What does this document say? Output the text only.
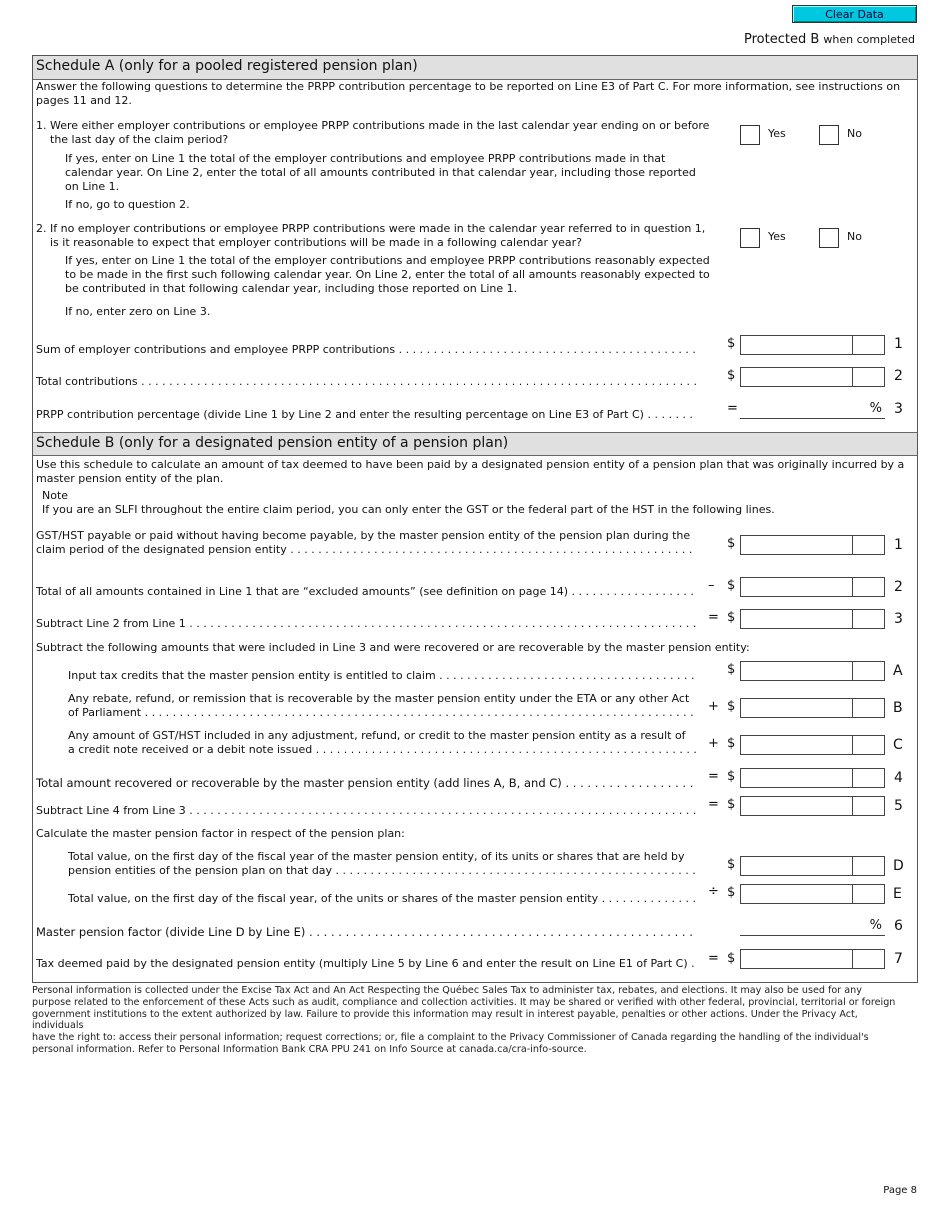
Clear Data
Protected B when completed
Schedule A (only for a pooled registered pension plan)
Answer the following questions to determine the PRPP contribution percentage to be reported on Line E3 of Part C. For more information, see instructions on
pages 11 and 12.
1. Were either employer contributions or employee PRPP contributions made in the last calendar year ending on or before
the last day of the claim period?	Yes	No
If yes, enter on Line 1 the total of the employer contributions and employee PRPP contributions made in that
calendar year. On Line 2, enter the total of all amounts contributed in that calendar year, including those reported
on Line 1.
If no, go to question 2.
2. If no employer contributions or employee PRPP contributions were made in the calendar year referred to in question 1,
is it reasonable to expect that employer contributions will be made in a following calendar year?	Yes	No
If yes, enter on Line 1 the total of the employer contributions and employee PRPP contributions reasonably expected
to be made in the first such following calendar year. On Line 2, enter the total of all amounts reasonably expected to
be contributed in that following calendar year, including those reported on Line 1.
If no, enter zero on Line 3.
Sum of employer contributions and employee PRPP contributions . . .	$	1
Total contributions . . .	$	2
PRPP contribution percentage (divide Line 1 by Line 2 and enter the resulting percentage on Line E3 of Part C) . . .	=	% 3
Schedule B (only for a designated pension entity of a pension plan)
Use this schedule to calculate an amount of tax deemed to have been paid by a designated pension entity of a pension plan that was originally incurred by a
master pension entity of the plan.
Note
If you are an SLFI throughout the entire claim period, you can only enter the GST or the federal part of the HST in the following lines.
GST/HST payable or paid without having become payable, by the master pension entity of the pension plan during the
claim period of the designated pension entity . . .	$	1
Total of all amounts contained in Line 1 that are “excluded amounts” (see definition on page 14) . . .	– $	2
Subtract Line 2 from Line 1 . . .	= $	3
Subtract the following amounts that were included in Line 3 and were recovered or are recoverable by the master pension entity:
Input tax credits that the master pension entity is entitled to claim . . .	$	A
Any rebate, refund, or remission that is recoverable by the master pension entity under the ETA or any other Act
of Parliament . . .	+ $	B
Any amount of GST/HST included in any adjustment, refund, or credit to the master pension entity as a result of
a credit note received or a debit note issued . . .	+ $	C
Total amount recovered or recoverable by the master pension entity (add lines A, B, and C) . . .	= $	4
Subtract Line 4 from Line 3 . . .	= $	5
Calculate the master pension factor in respect of the pension plan:
Total value, on the first day of the fiscal year of the master pension entity, of its units or shares that are held by
pension entities of the pension plan on that day . . .	$	D
Total value, on the first day of the fiscal year, of the units or shares of the master pension entity . . .	÷ $	E
Master pension factor (divide Line D by Line E) . . .	% 6
Tax deemed paid by the designated pension entity (multiply Line 5 by Line 6 and enter the result on Line E1 of Part C) . . .	= $	7
Personal information is collected under the Excise Tax Act and An Act Respecting the Québec Sales Tax to administer tax, rebates, and elections. It may also be used for any
purpose related to the enforcement of these Acts such as audit, compliance and collection activities. It may be shared or verified with other federal, provincial, territorial or foreign
government institutions to the extent authorized by law. Failure to provide this information may result in interest payable, penalties or other actions. Under the Privacy Act, individuals
have the right to: access their personal information; request corrections; or, file a complaint to the Privacy Commissioner of Canada regarding the handling of the individual's
personal information. Refer to Personal Information Bank CRA PPU 241 on Info Source at canada.ca/cra-info-source.
Page 8
